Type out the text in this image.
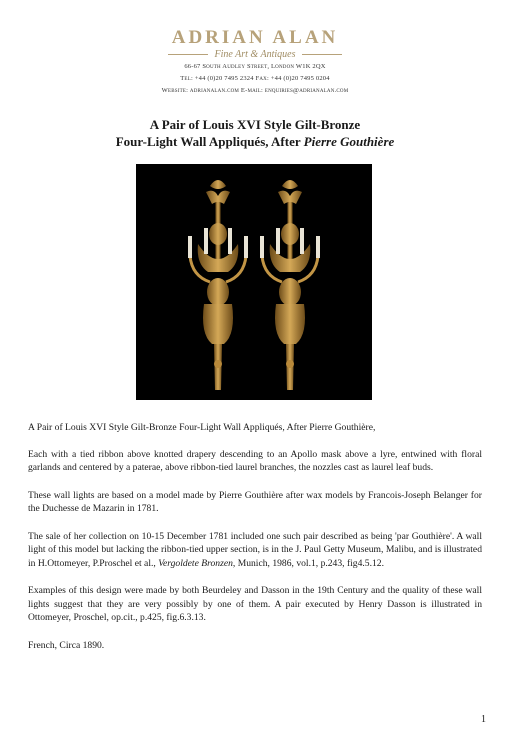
ADRIAN ALAN
Fine Art & Antiques
66-67 South Audley Street, London W1K 2QX
Tel: +44 (0)20 7495 2324 Fax: +44 (0)20 7495 0204
Website: adrianalan.com E-mail: enquiries@adrianalan.com
A Pair of Louis XVI Style Gilt-Bronze
Four-Light Wall Appliqués, After Pierre Gouthière

A Pair of Louis XVI Style Gilt-Bronze Four-Light Wall Appliqués, After Pierre Gouthière,

Each with a tied ribbon above knotted drapery descending to an Apollo mask above a lyre, entwined with floral garlands and centered by a paterae, above ribbon-tied laurel branches, the nozzles cast as laurel leaf buds.

These wall lights are based on a model made by Pierre Gouthière after wax models by Francois-Joseph Belanger for the Duchesse de Mazarin in 1781.

The sale of her collection on 10-15 December 1781 included one such pair described as being 'par Gouthière'. A wall light of this model but lacking the ribbon-tied upper section, is in the J. Paul Getty Museum, Malibu, and is illustrated in H.Ottomeyer, P.Proschel et al., Vergoldete Bronzen, Munich, 1986, vol.1, p.243, fig4.5.12.

Examples of this design were made by both Beurdeley and Dasson in the 19th Century and the quality of these wall lights suggest that they are very possibly by one of them. A pair executed by Henry Dasson is illustrated in Ottomeyer, Proschel, op.cit., p.425, fig.6.3.13.

French, Circa 1890.

1
